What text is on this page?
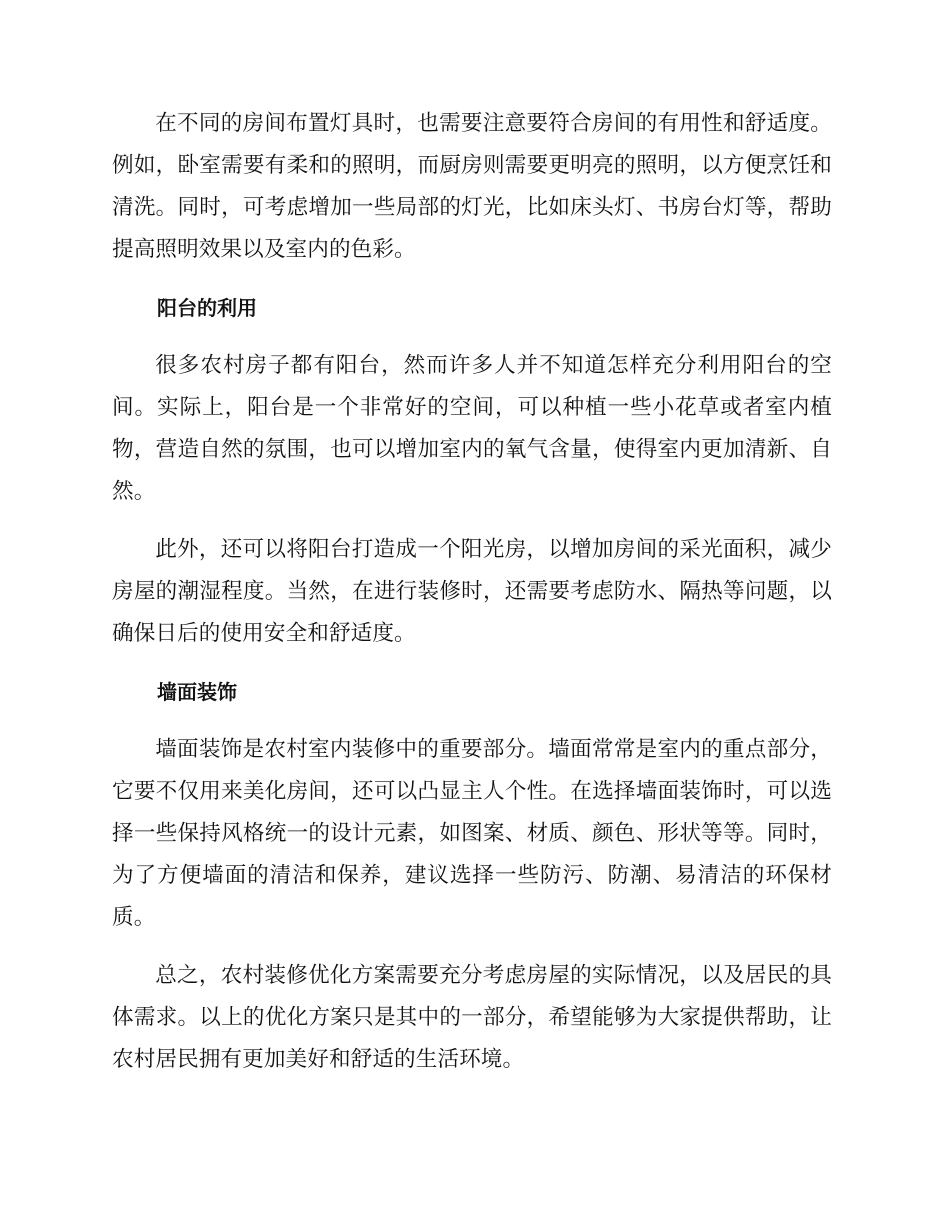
在不同的房间布置灯具时，也需要注意要符合房间的有用性和舒适度。例如，卧室需要有柔和的照明，而厨房则需要更明亮的照明，以方便烹饪和清洗。同时，可考虑增加一些局部的灯光，比如床头灯、书房台灯等，帮助提高照明效果以及室内的色彩。

阳台的利用

很多农村房子都有阳台，然而许多人并不知道怎样充分利用阳台的空间。实际上，阳台是一个非常好的空间，可以种植一些小花草或者室内植物，营造自然的氛围，也可以增加室内的氧气含量，使得室内更加清新、自然。

此外，还可以将阳台打造成一个阳光房，以增加房间的采光面积，减少房屋的潮湿程度。当然，在进行装修时，还需要考虑防水、隔热等问题，以确保日后的使用安全和舒适度。

墙面装饰

墙面装饰是农村室内装修中的重要部分。墙面常常是室内的重点部分，它要不仅用来美化房间，还可以凸显主人个性。在选择墙面装饰时，可以选择一些保持风格统一的设计元素，如图案、材质、颜色、形状等等。同时，为了方便墙面的清洁和保养，建议选择一些防污、防潮、易清洁的环保材质。

总之，农村装修优化方案需要充分考虑房屋的实际情况，以及居民的具体需求。以上的优化方案只是其中的一部分，希望能够为大家提供帮助，让农村居民拥有更加美好和舒适的生活环境。
